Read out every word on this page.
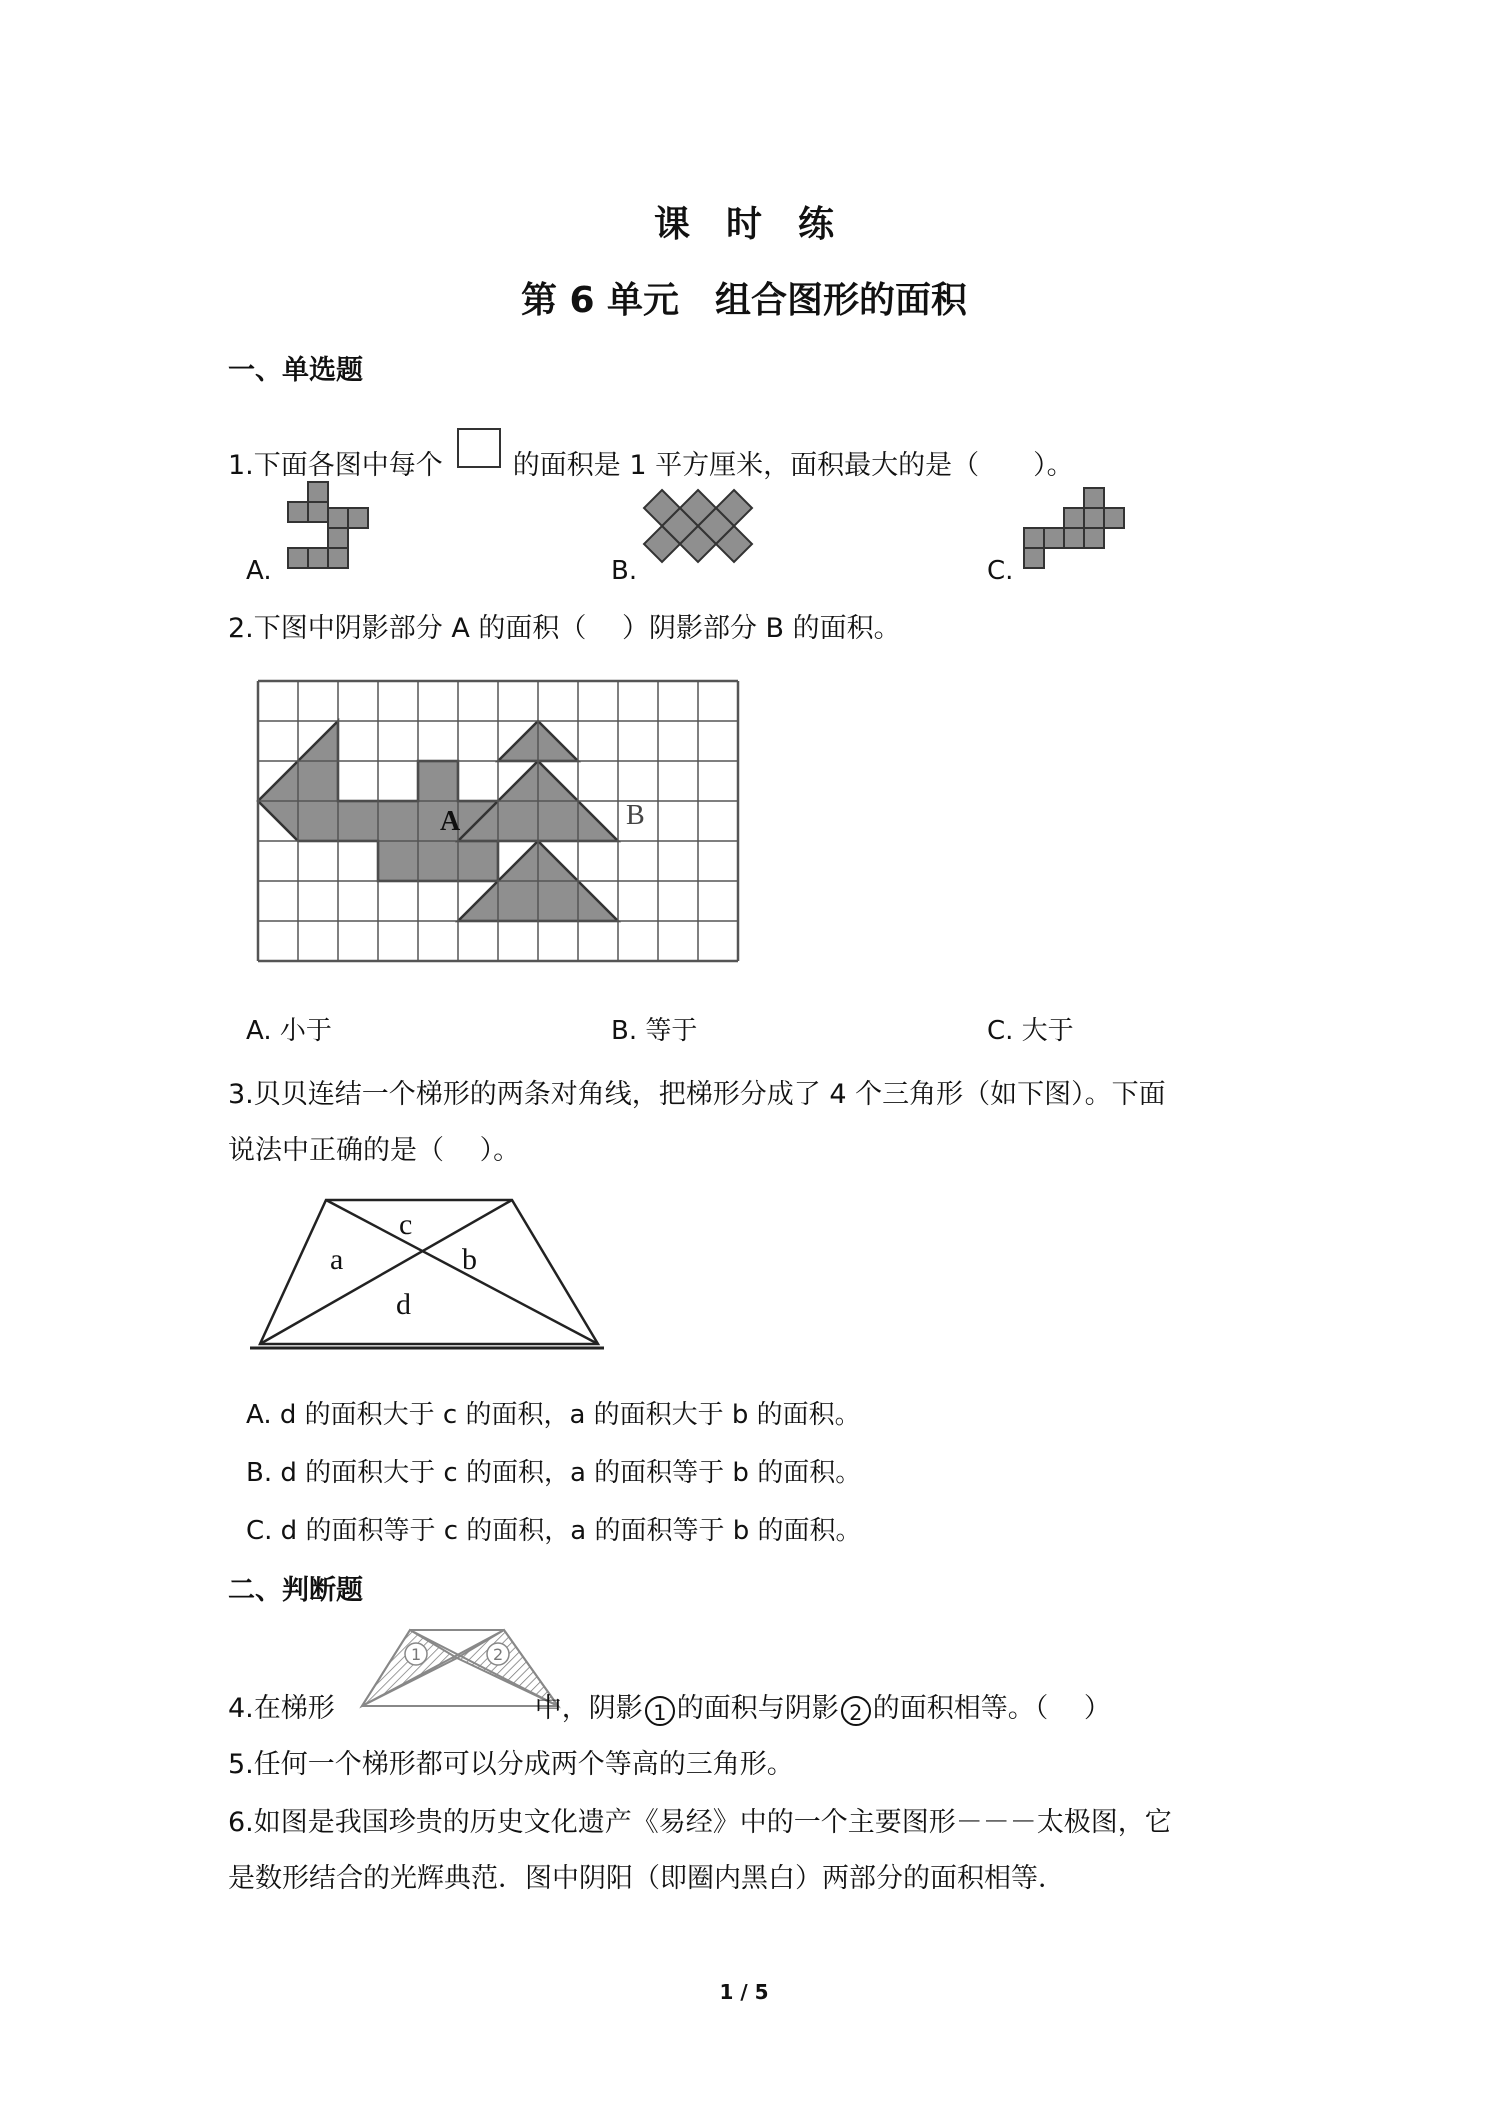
课　时　练
第 6 单元　组合图形的面积
一、单选题
1.下面各图中每个	的面积是 1 平方厘米，面积最大的是（　　）。
A.	B.	C.
2.下图中阴影部分 A 的面积（　 ）阴影部分 B 的面积。
A	B
A. 小于	B. 等于	C. 大于
3.贝贝连结一个梯形的两条对角线，把梯形分成了 4 个三角形（如下图）。下面
说法中正确的是（　 ）。
a	b
c
d
A. d 的面积大于 c 的面积，a 的面积大于 b 的面积。
B. d 的面积大于 c 的面积，a 的面积等于 b 的面积。
C. d 的面积等于 c 的面积，a 的面积等于 b 的面积。
二、判断题
1	2
4.在梯形	中，阴影 1 的面积与阴影 2 的面积相等。（　 ）
5.任何一个梯形都可以分成两个等高的三角形。
6.如图是我国珍贵的历史文化遗产《易经》中的一个主要图形－－－太极图，它
是数形结合的光辉典范．图中阴阳（即圈内黑白）两部分的面积相等．
1 / 5
